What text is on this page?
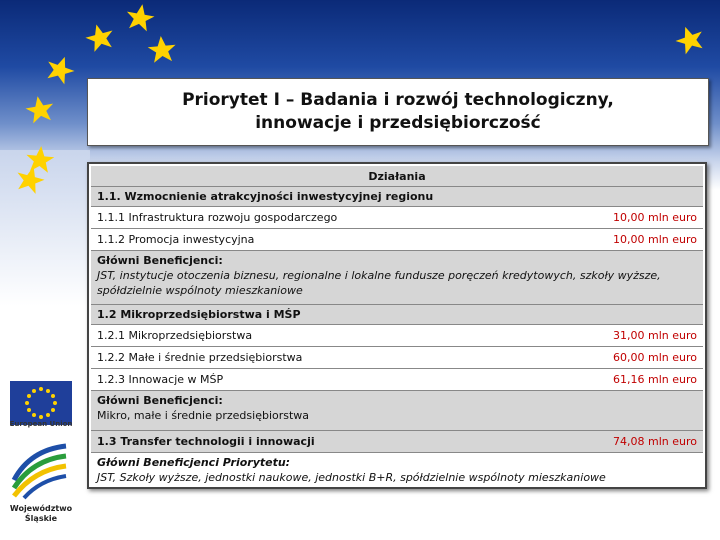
Priorytet I – Badania i rozwój technologiczny,
innowacje i przedsiębiorczość
Działania
1.1. Wzmocnienie atrakcyjności inwestycyjnej regionu
1.1.1 Infrastruktura rozwoju gospodarczego	10,00 mln euro
1.1.2 Promocja inwestycyjna	10,00 mln euro
Główni Beneficjenci:
JST, instytucje otoczenia biznesu, regionalne i lokalne fundusze poręczeń kredytowych, szkoły wyższe, spółdzielnie wspólnoty mieszkaniowe
1.2 Mikroprzedsiębiorstwa i MŚP
1.2.1 Mikroprzedsiębiorstwa	31,00 mln euro
1.2.2 Małe i średnie przedsiębiorstwa	60,00 mln euro
1.2.3 Innowacje w MŚP	61,16 mln euro
Główni Beneficjenci:
Mikro, małe i średnie przedsiębiorstwa
1.3 Transfer technologii i innowacji	74,08 mln euro
Główni Beneficjenci Priorytetu:
JST, Szkoły wyższe, jednostki naukowe, jednostki B+R, spółdzielnie wspólnoty mieszkaniowe
European Union
Województwo
Śląskie
